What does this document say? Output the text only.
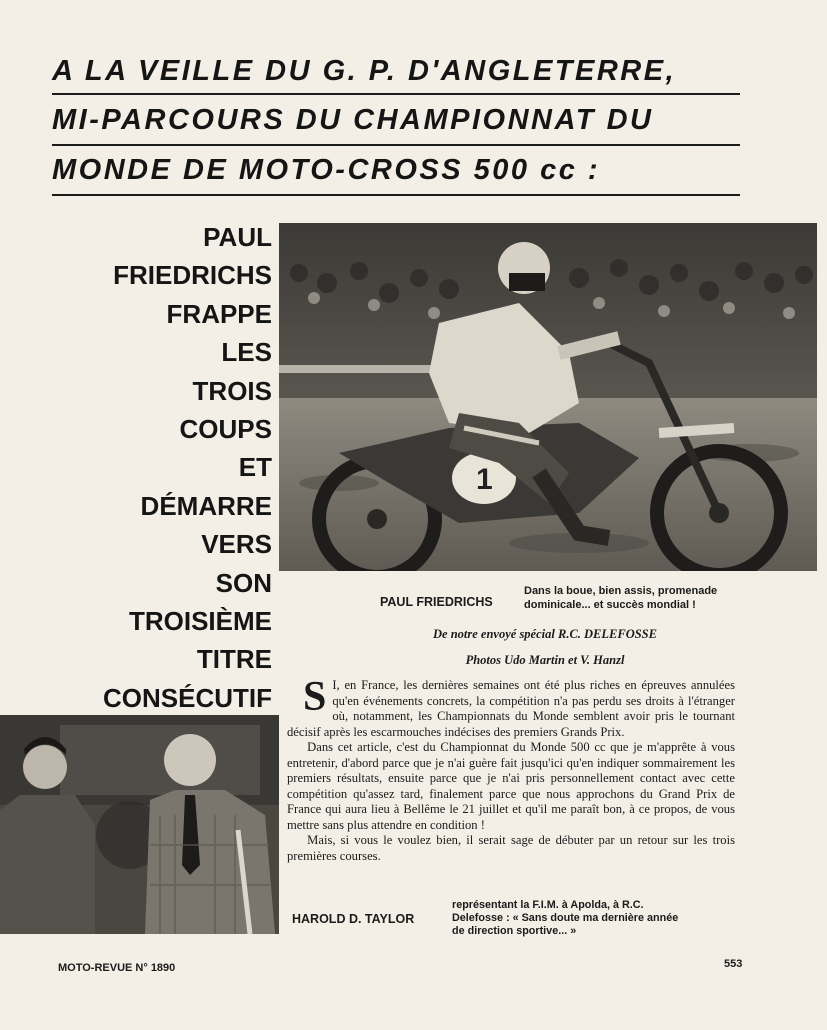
A LA VEILLE DU G. P. D'ANGLETERRE,
MI-PARCOURS DU CHAMPIONNAT DU
MONDE DE MOTO-CROSS 500 cc :
PAUL
FRIEDRICHS
FRAPPE
LES
TROIS
COUPS
ET
DÉMARRE
VERS
SON
TROISIÈME
TITRE
CONSÉCUTIF
1
PAUL FRIEDRICHS
Dans la boue, bien assis, promenade dominicale... et succès mondial !
De notre envoyé spécial R.C. DELEFOSSE
Photos Udo Martin et V. Hanzl

S I, en France, les dernières semaines ont été plus riches en épreuves annulées qu'en événements concrets, la compétition n'a pas perdu ses droits à l'étranger où, notamment, les Championnats du Monde semblent avoir pris le tournant décisif après les escarmouches indécises des premiers Grands Prix.

Dans cet article, c'est du Championnat du Monde 500 cc que je m'apprête à vous entretenir, d'abord parce que je n'ai guère fait jusqu'ici qu'en indiquer sommairement les premiers résultats, ensuite parce que je n'ai pris personnellement contact avec cette compétition qu'assez tard, finalement parce que nous approchons du Grand Prix de France qui aura lieu à Bellême le 21 juillet et qu'il me paraît bon, à ce propos, de vous mettre sans plus attendre en condition !

Mais, si vous le voulez bien, il serait sage de débuter par un retour sur les trois premières courses.

HAROLD D. TAYLOR
représentant la F.I.M. à Apolda, à R.C. Delefosse : « Sans doute ma dernière année de direction sportive... »
MOTO-REVUE N° 1890	553
